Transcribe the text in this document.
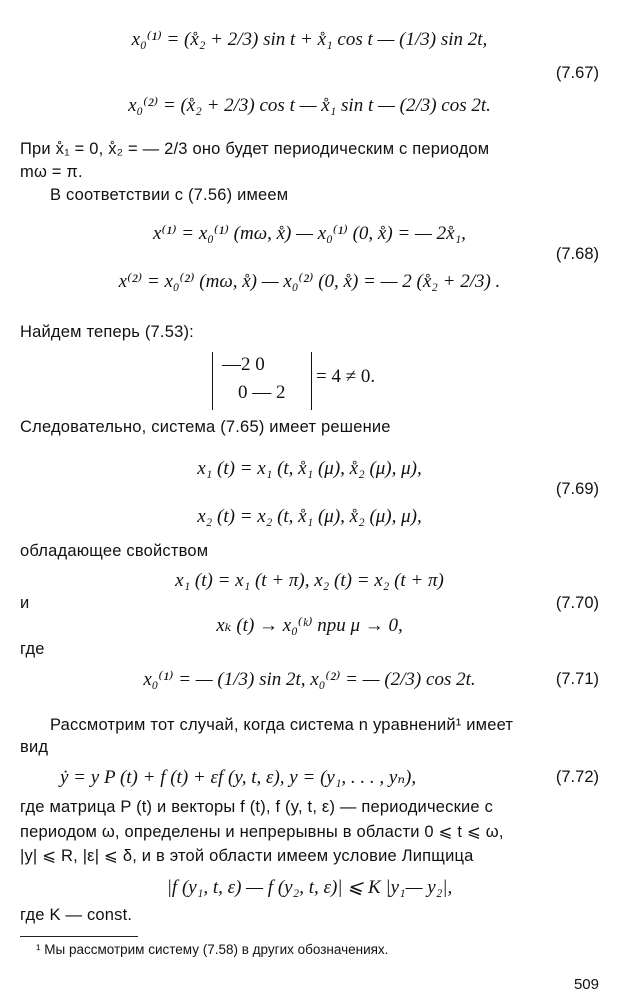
x₀⁽¹⁾ = (x̊₂ + 2/3) sin t + x̊₁ cos t — (1/3) sin 2t,
(7.67)
x₀⁽²⁾ = (x̊₂ + 2/3) cos t — x̊₁ sin t — (2/3) cos 2t.
При x̊₁ = 0, x̊₂ = — 2/3 оно будет периодическим с периодом
mω = π.
В соответствии с (7.56) имеем
x⁽¹⁾ = x₀⁽¹⁾ (mω, x̊) — x₀⁽¹⁾ (0, x̊) = — 2x̊₁,
(7.68)
x⁽²⁾ = x₀⁽²⁾ (mω, x̊) — x₀⁽²⁾ (0, x̊) = — 2 (x̊₂ + 2/3) .
Найдем теперь (7.53):
—2 0
0 — 2
= 4 ≠ 0.
Следовательно, система (7.65) имеет решение
x₁ (t) = x₁ (t, x̊₁ (μ), x̊₂ (μ), μ),
(7.69)
x₂ (t) = x₂ (t, x̊₁ (μ), x̊₂ (μ), μ),
обладающее свойством
x₁ (t) = x₁ (t + π), x₂ (t) = x₂ (t + π)
и	(7.70)
xₖ (t) → x₀⁽ᵏ⁾ при μ → 0,
где
x₀⁽¹⁾ = — (1/3) sin 2t, x₀⁽²⁾ = — (2/3) cos 2t.	(7.71)
Рассмотрим тот случай, когда система n уравнений¹ имеет
вид
ẏ = y P (t) + f (t) + εf (y, t, ε), y = (y₁, . . . , yₙ),	(7.72)
где матрица P (t) и векторы f (t), f (y, t, ε) — периодические с
периодом ω, определены и непрерывны в области 0 ⩽ t ⩽ ω,
|y| ⩽ R, |ε| ⩽ δ, и в этой области имеем условие Липщица
|f (y₁, t, ε) — f (y₂, t, ε)| ⩽ K |y₁— y₂|,
где K — const.
¹ Мы рассмотрим систему (7.58) в других обозначениях.
509
